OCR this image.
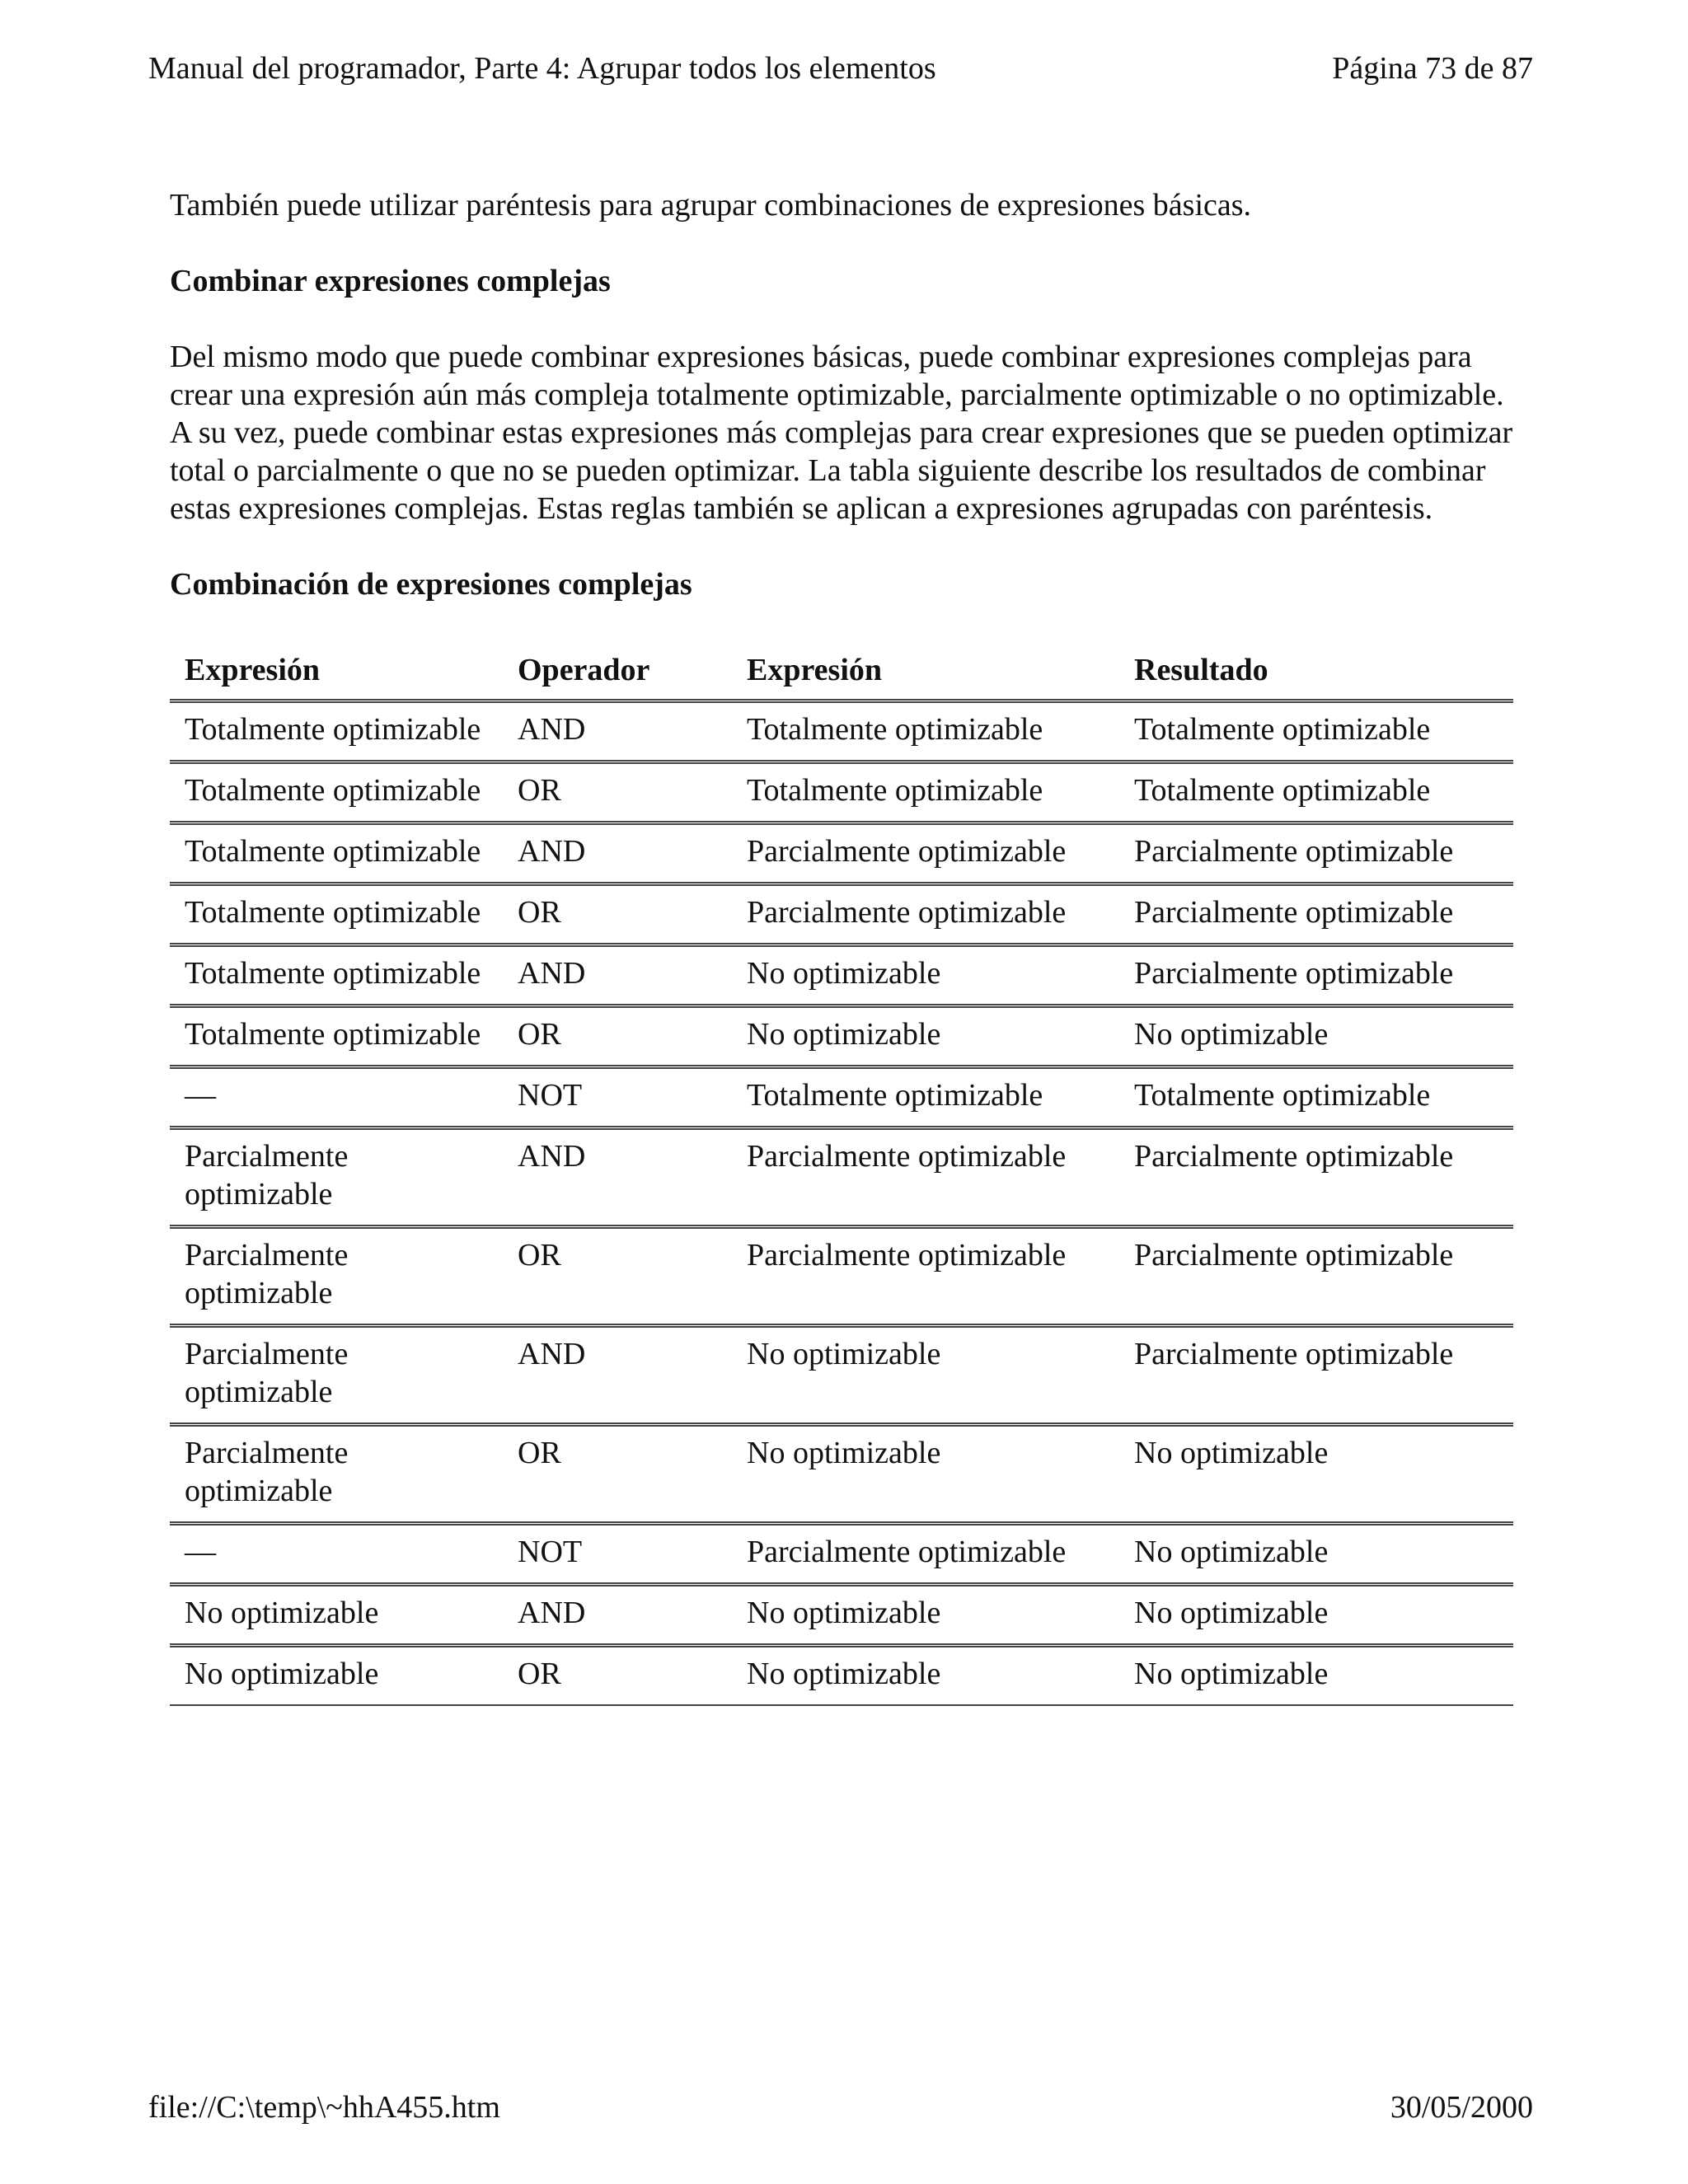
Manual del programador, Parte 4: Agrupar todos los elementos	Página 73 de 87

También puede utilizar paréntesis para agrupar combinaciones de expresiones básicas.

Combinar expresiones complejas

Del mismo modo que puede combinar expresiones básicas, puede combinar expresiones complejas para crear una expresión aún más compleja totalmente optimizable, parcialmente optimizable o no optimizable. A su vez, puede combinar estas expresiones más complejas para crear expresiones que se pueden optimizar total o parcialmente o que no se pueden optimizar. La tabla siguiente describe los resultados de combinar estas expresiones complejas. Estas reglas también se aplican a expresiones agrupadas con paréntesis.

Combinación de expresiones complejas
Expresión	Operador	Expresión	Resultado
Totalmente optimizable	AND	Totalmente optimizable	Totalmente optimizable
Totalmente optimizable	OR	Totalmente optimizable	Totalmente optimizable
Totalmente optimizable	AND	Parcialmente optimizable	Parcialmente optimizable
Totalmente optimizable	OR	Parcialmente optimizable	Parcialmente optimizable
Totalmente optimizable	AND	No optimizable	Parcialmente optimizable
Totalmente optimizable	OR	No optimizable	No optimizable
—	NOT	Totalmente optimizable	Totalmente optimizable
Parcialmente optimizable	AND	Parcialmente optimizable	Parcialmente optimizable
Parcialmente optimizable	OR	Parcialmente optimizable	Parcialmente optimizable
Parcialmente optimizable	AND	No optimizable	Parcialmente optimizable
Parcialmente optimizable	OR	No optimizable	No optimizable
—	NOT	Parcialmente optimizable	No optimizable
No optimizable	AND	No optimizable	No optimizable
No optimizable	OR	No optimizable	No optimizable
file://C:\temp\~hhA455.htm	30/05/2000
